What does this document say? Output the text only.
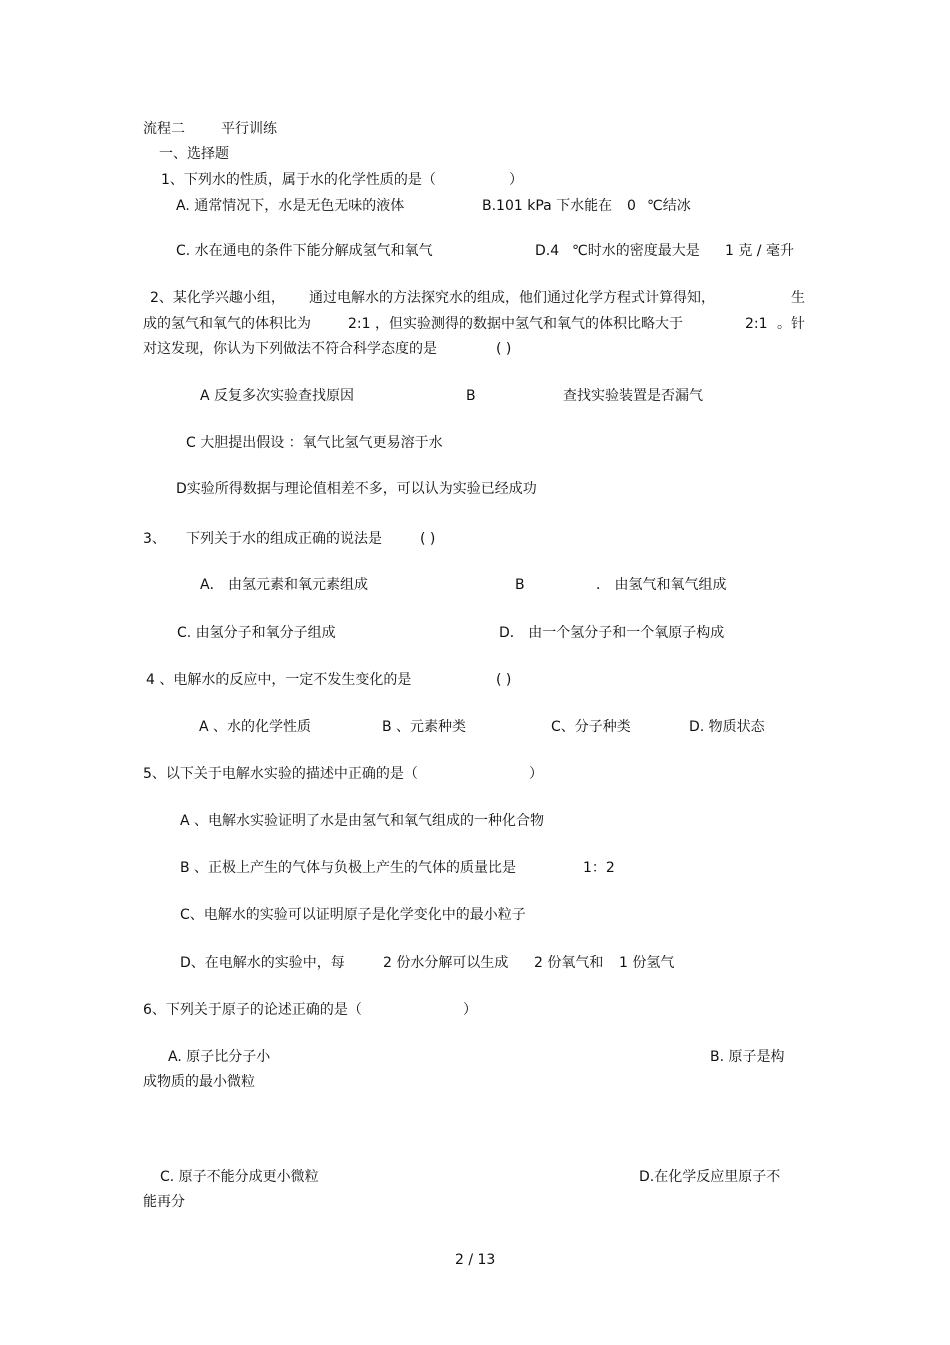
流程二	平行训练
一、选择题
1、下列水的性质，属于水的化学性质的是（	）
A. 通常情况下，水是无色无味的液体	B.101 kPa 下水能在 0 ℃结冰
C. 水在通电的条件下能分解成氢气和氧气	D.4 ℃时水的密度最大是 1 克 / 毫升
2、某化学兴趣小组， 通过电解水的方法探究水的组成，他们通过化学方程式计算得知，	生
成的氢气和氧气的体积比为	2:1 ，但实验测得的数据中氢气和氧气的体积比略大于	2:1 。针
对这发现，你认为下列做法不符合科学态度的是	( )
A 反复多次实验查找原因	B	查找实验装置是否漏气
C 大胆提出假设 ：氧气比氢气更易溶于水
D实验所得数据与理论值相差不多，可以认为实验已经成功
3、 下列关于水的组成正确的说法是	( )
A． 由氢元素和氧元素组成	B	． 由氢气和氧气组成
C. 由氢分子和氧分子组成	D． 由一个氢分子和一个氧原子构成
4 、电解水的反应中，一定不发生变化的是	( )
A 、水的化学性质	B 、元素种类	C、分子种类	D. 物质状态
5、以下关于电解水实验的描述中正确的是（	）
A 、电解水实验证明了水是由氢气和氧气组成的一种化合物
B 、正极上产生的气体与负极上产生的气体的质量比是	1：2
C、电解水的实验可以证明原子是化学变化中的最小粒子
D、在电解水的实验中，每	2 份水分解可以生成 2 份氧气和 1 份氢气
6、下列关于原子的论述正确的是（	）
A. 原子比分子小	B. 原子是构
成物质的最小微粒
C. 原子不能分成更小微粒	D.在化学反应里原子不
能再分
2 / 13
